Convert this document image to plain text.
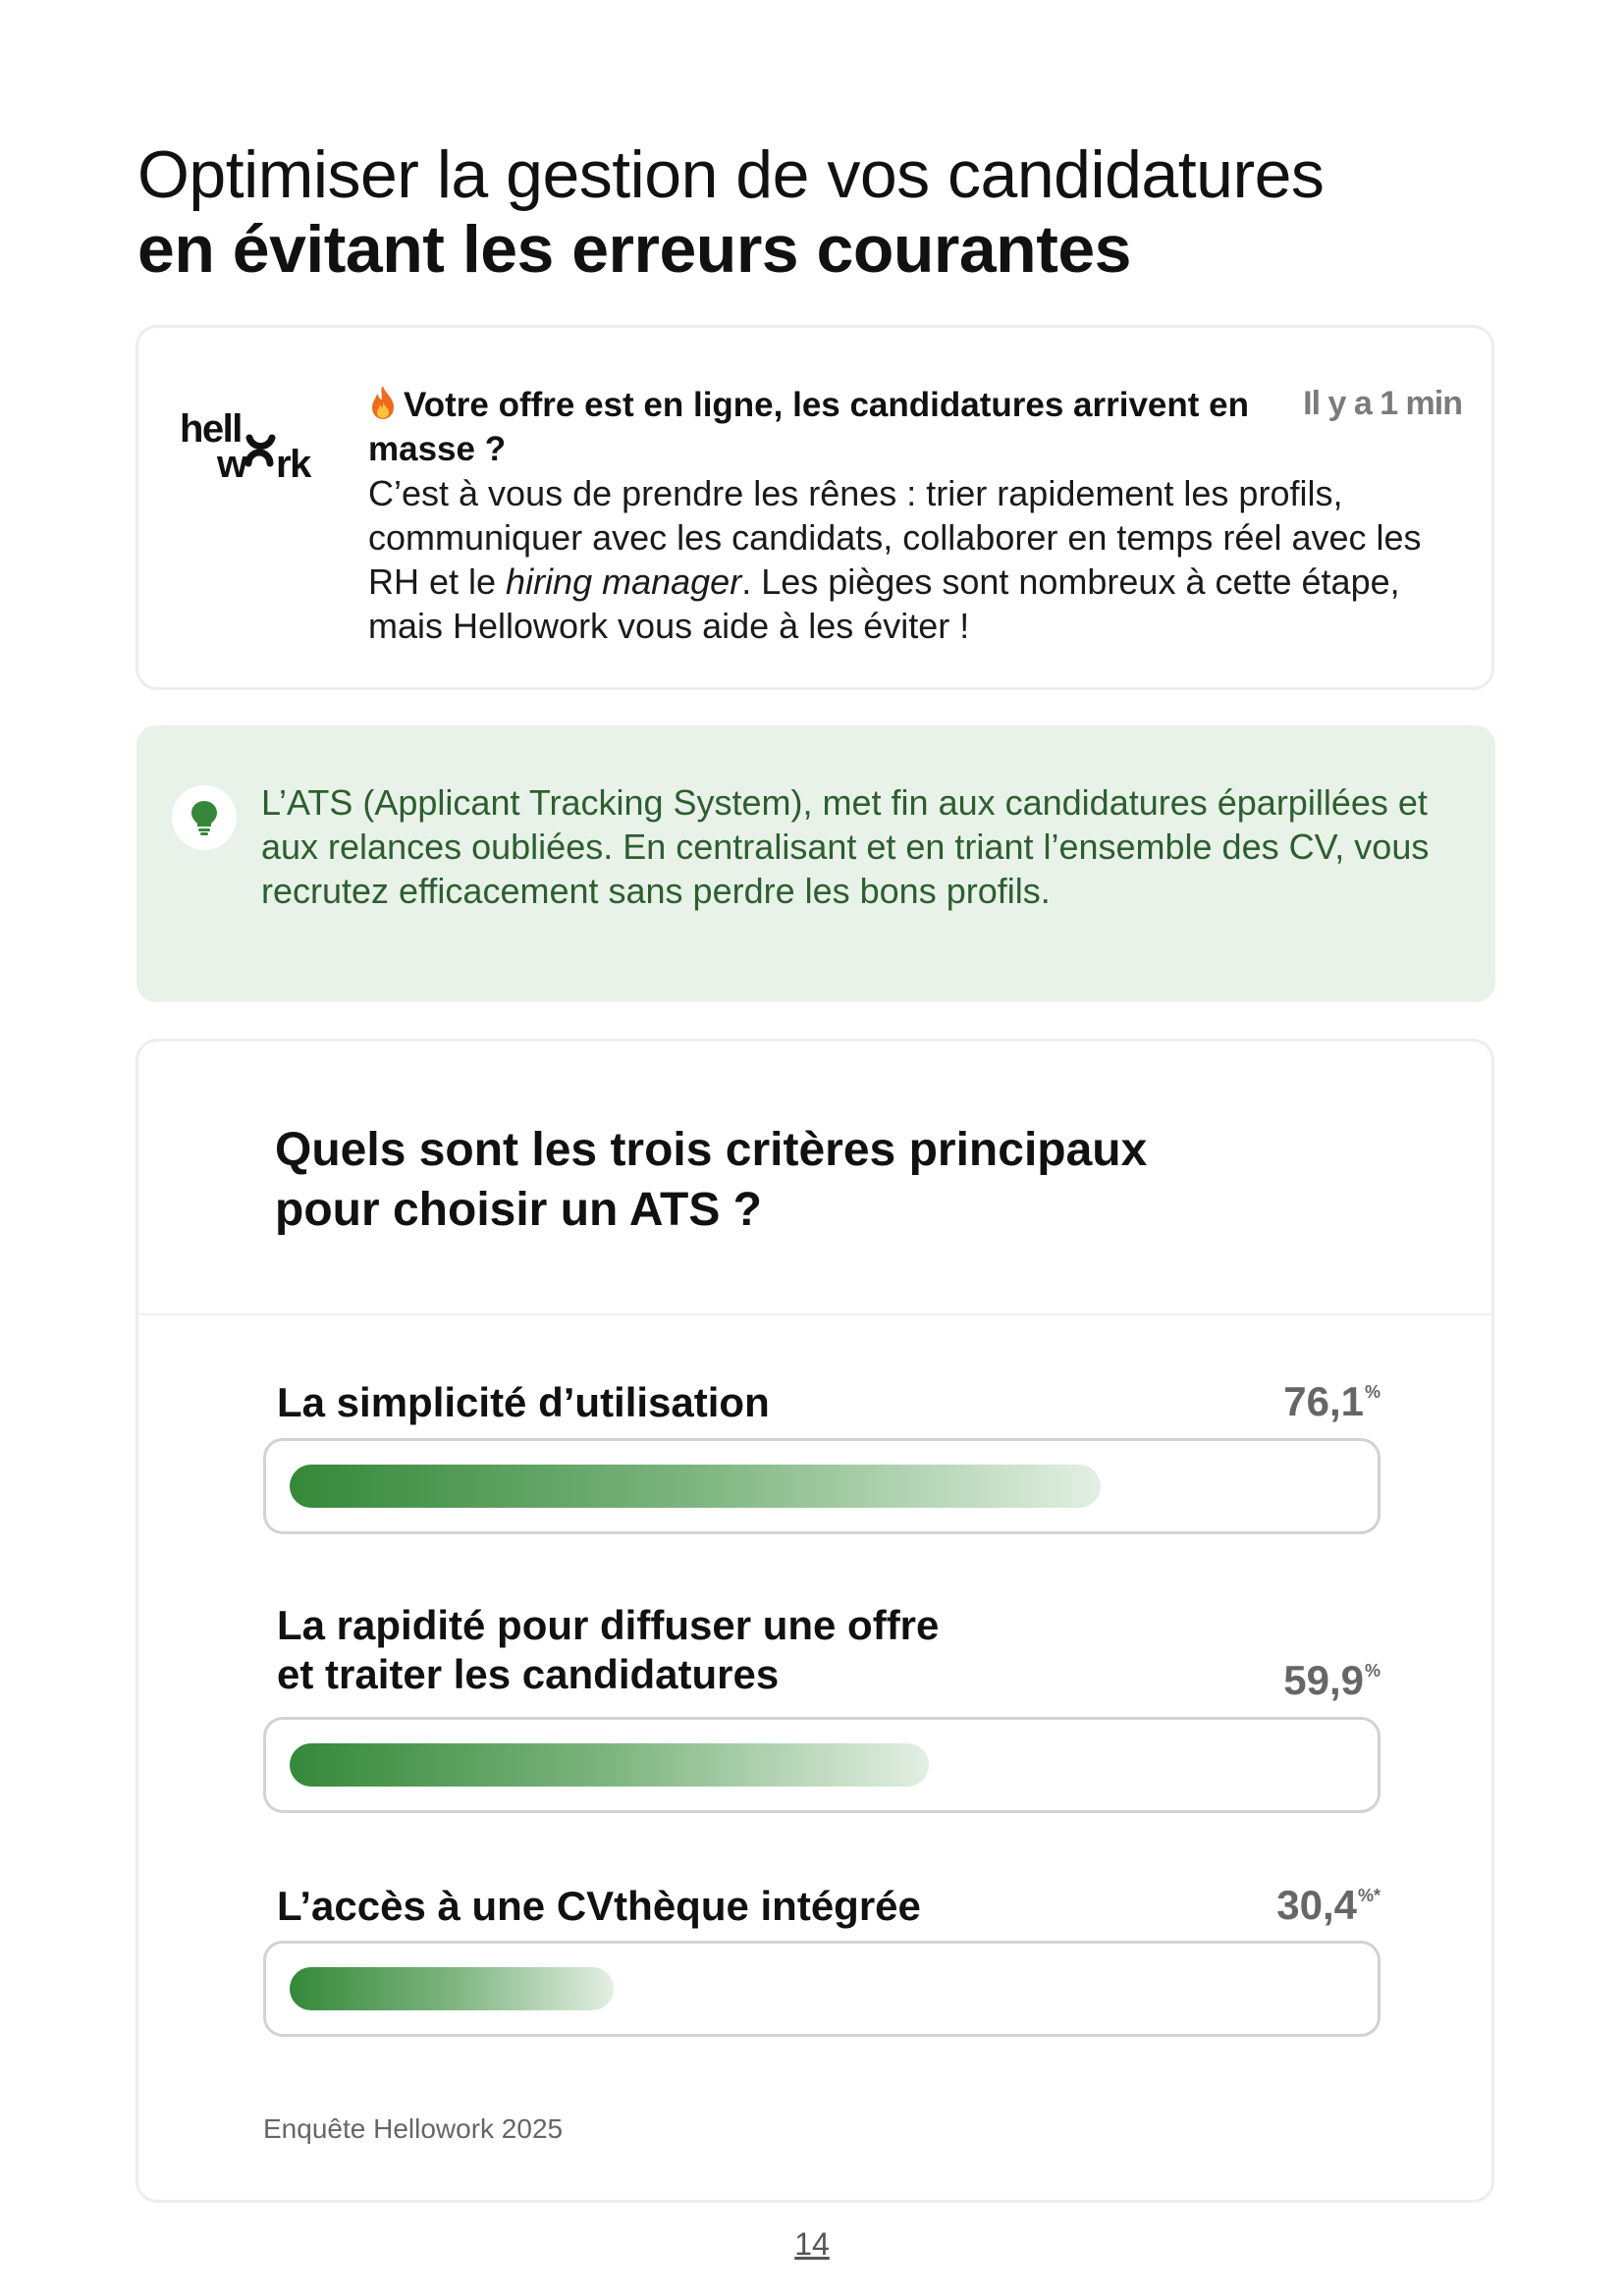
Optimiser la gestion de vos candidatures
en évitant les erreurs courantes
hell
w rk
Il y a 1 min
Votre offre est en ligne, les candidatures arrivent en masse ?
C’est à vous de prendre les rênes : trier rapidement les profils, communiquer avec les candidats, collaborer en temps réel avec les RH et le hiring manager. Les pièges sont nombreux à cette étape, mais Hellowork vous aide à les éviter !
L’ATS (Applicant Tracking System), met fin aux candidatures éparpillées et aux relances oubliées. En centralisant et en triant l’ensemble des CV, vous recrutez efficacement sans perdre les bons profils.
Quels sont les trois critères principaux pour choisir un ATS ?
La simplicité d’utilisation	76,1%
La rapidité pour diffuser une offre et traiter les candidatures	59,9%
L’accès à une CVthèque intégrée	30,4%*
Enquête Hellowork 2025
14
